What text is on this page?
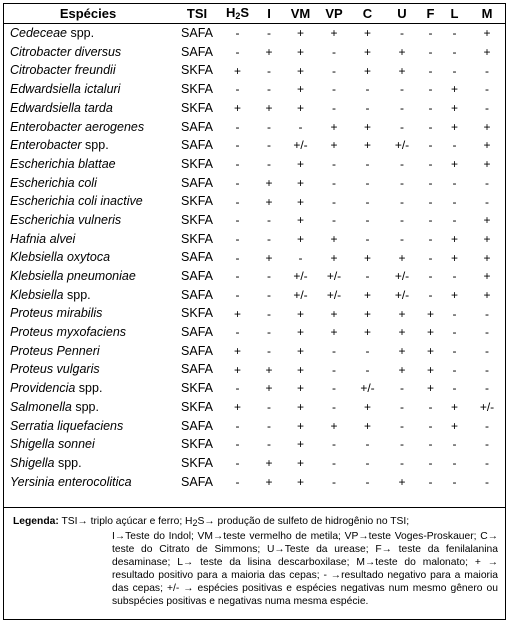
Espécies	TSI	$H_2S$	I	VM	VP	C	U	F	L	M
Cedeceae spp.	SAFA	-	-	+	+	+	-	-	-	+
Citrobacter diversus	SAFA	-	+	+	-	+	+	-	-	+
Citrobacter freundii	SKFA	+	-	+	-	+	+	-	-	-
Edwardsiella ictaluri	SKFA	-	-	+	-	-	-	-	+	-
Edwardsiella tarda	SKFA	+	+	+	-	-	-	-	+	-
Enterobacter aerogenes	SAFA	-	-	-	+	+	-	-	+	+
Enterobacter spp.	SAFA	-	-	+/-	+	+	+/-	-	-	+
Escherichia blattae	SKFA	-	-	+	-	-	-	-	+	+
Escherichia coli	SAFA	-	+	+	-	-	-	-	-	-
Escherichia coli inactive	SKFA	-	+	+	-	-	-	-	-	-
Escherichia vulneris	SKFA	-	-	+	-	-	-	-	-	+
Hafnia alvei	SKFA	-	-	+	+	-	-	-	+	+
Klebsiella oxytoca	SAFA	-	+	-	+	+	+	-	+	+
Klebsiella pneumoniae	SAFA	-	-	+/-	+/-	-	+/-	-	-	+
Klebsiella spp.	SAFA	-	-	+/-	+/-	+	+/-	-	+	+
Proteus mirabilis	SKFA	+	-	+	+	+	+	+	-	-
Proteus myxofaciens	SAFA	-	-	+	+	+	+	+	-	-
Proteus Penneri	SAFA	+	-	+	-	-	+	+	-	-
Proteus vulgaris	SAFA	+	+	+	-	-	+	+	-	-
Providencia spp.	SKFA	-	+	+	-	+/-	-	+	-	-
Salmonella spp.	SKFA	+	-	+	-	+	-	-	+	+/-
Serratia liquefaciens	SAFA	-	-	+	+	+	-	-	+	-
Shigella sonnei	SKFA	-	-	+	-	-	-	-	-	-
Shigella spp.	SKFA	-	+	+	-	-	-	-	-	-
Yersinia enterocolitica	SAFA	-	+	+	-	-	+	-	-	-
Legenda: TSI→ triplo açúcar e ferro; $H_2S\to$ produção de sulfeto de hidrogênio no TSI;
I→Teste do Indol; VM→teste vermelho de metila; VP→teste Voges-Proskauer; C→ teste do Citrato de Simmons; U→Teste da urease; F→ teste da fenilalanina desaminase; L→ teste da lisina descarboxilase; M→teste do malonato; + → resultado positivo para a maioria das cepas; - →resultado negativo para a maioria das cepas; +/- → espécies positivas e espécies negativas num mesmo gênero ou subspécies positivas e negativas numa mesma espécie.
